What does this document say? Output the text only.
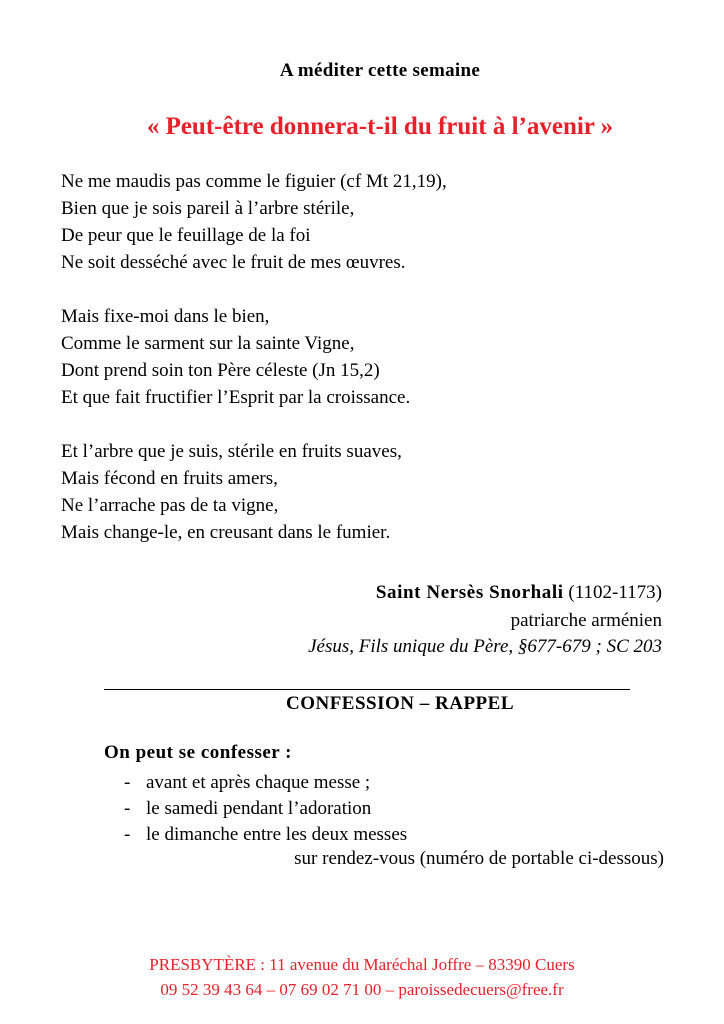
A méditer cette semaine
« Peut-être donnera-t-il du fruit à l’avenir »
Ne me maudis pas comme le figuier (cf Mt 21,19),
Bien que je sois pareil à l’arbre stérile,
De peur que le feuillage de la foi
Ne soit desséché avec le fruit de mes œuvres.
Mais fixe-moi dans le bien,
Comme le sarment sur la sainte Vigne,
Dont prend soin ton Père céleste (Jn 15,2)
Et que fait fructifier l’Esprit par la croissance.
Et l’arbre que je suis, stérile en fruits suaves,
Mais fécond en fruits amers,
Ne l’arrache pas de ta vigne,
Mais change-le, en creusant dans le fumier.
Saint Nersès Snorhali (1102-1173)
patriarche arménien
Jésus, Fils unique du Père, §677-679 ; SC 203
CONFESSION – RAPPEL
On peut se confesser :
- avant et après chaque messe ;
- le samedi pendant l’adoration
- le dimanche entre les deux messes
sur rendez-vous (numéro de portable ci-dessous)
PRESBYTÈRE : 11 avenue du Maréchal Joffre – 83390 Cuers
09 52 39 43 64 – 07 69 02 71 00 – paroissedecuers@free.fr
